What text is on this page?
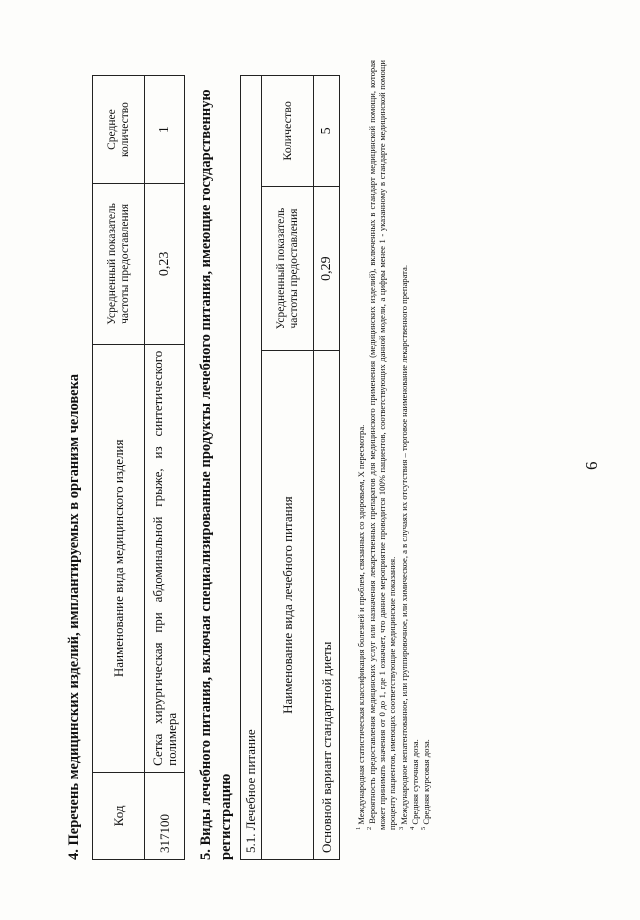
6
4. Перечень медицинских изделий, имплантируемых в организм человека Код	Наименование вида медицинского изделия	Усредненный показатель частоты предоставления	Среднее количество
317100	Сетка хирургическая при абдоминальной грыже, из синтетического полимера	0,23	1 5. Виды лечебного питания, включая специализированные продукты лечебного питания, имеющие государственную регистрацию 5.1. Лечебное питание		
Наименование вида лечебного питания	Усредненный показатель частоты предоставления	Количество
Основной вариант стандартной диеты	0,29	5
$^1$ Международная статистическая классификация болезней и проблем, связанных со здоровьем, X пересмотра.
$^2$ Вероятность предоставления медицинских услуг или назначения лекарственных препаратов для медицинского применения (медицинских изделий), включенных в стандарт медицинской помощи, которая может принимать значения от 0 до 1, где 1 означает, что данное мероприятие проводится 100% пациентов, соответствующих данной модели, а цифры менее 1 - указанному в стандарте медицинской помощи проценту пациентов, имеющих соответствующие медицинские показания. $^3$ Международное непатентованное, или группировочное, или химическое, а в случаях их отсутствия – торговое наименование лекарственного препарата.
$^4$ Средняя суточная доза.
$^5$ Средняя курсовая доза.
